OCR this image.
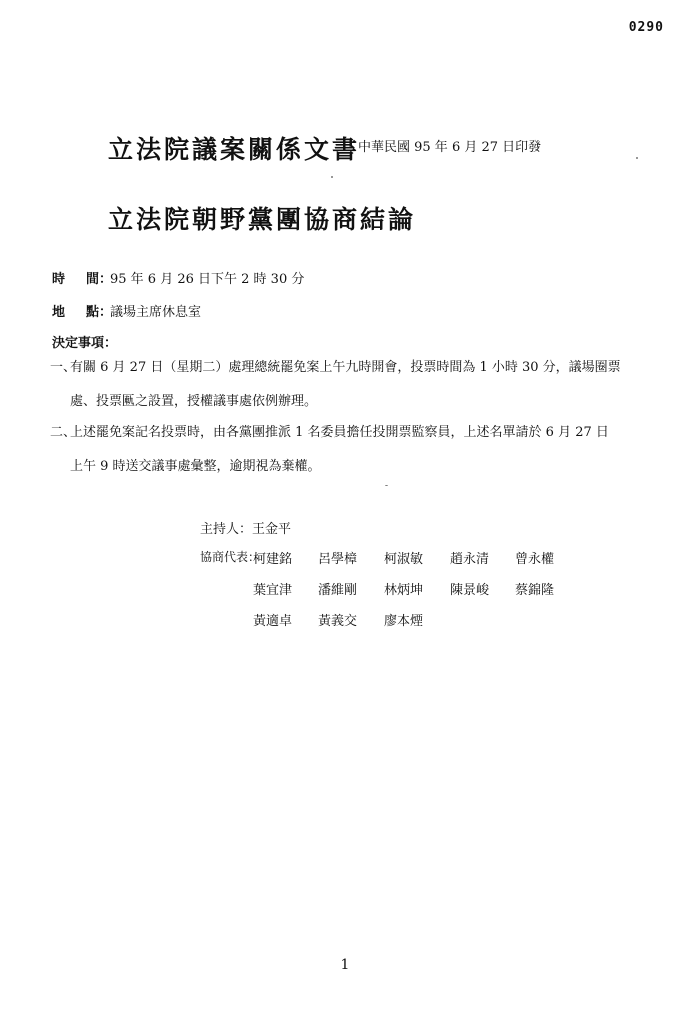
0290
立法院議案關係文書
中華民國 95 年 6 月 27 日印發
立法院朝野黨團協商結論
時 間：95 年 6 月 26 日下午 2 時 30 分
地 點：議場主席休息室
決定事項：
一、有關 6 月 27 日（星期二）處理總統罷免案上午九時開會，投票時間為 1 小時 30 分，議場圈票
處、投票匭之設置，授權議事處依例辦理。
二、上述罷免案記名投票時，由各黨團推派 1 名委員擔任投開票監察員，上述名單請於 6 月 27 日
上午 9 時送交議事處彙整，逾期視為棄權。
主持人：王金平
協商代表：
柯建銘 呂學樟 柯淑敏 趙永清 曾永權
葉宜津 潘維剛 林炳坤 陳景峻 蔡錦隆
黃適卓 黃義交 廖本煙
1
